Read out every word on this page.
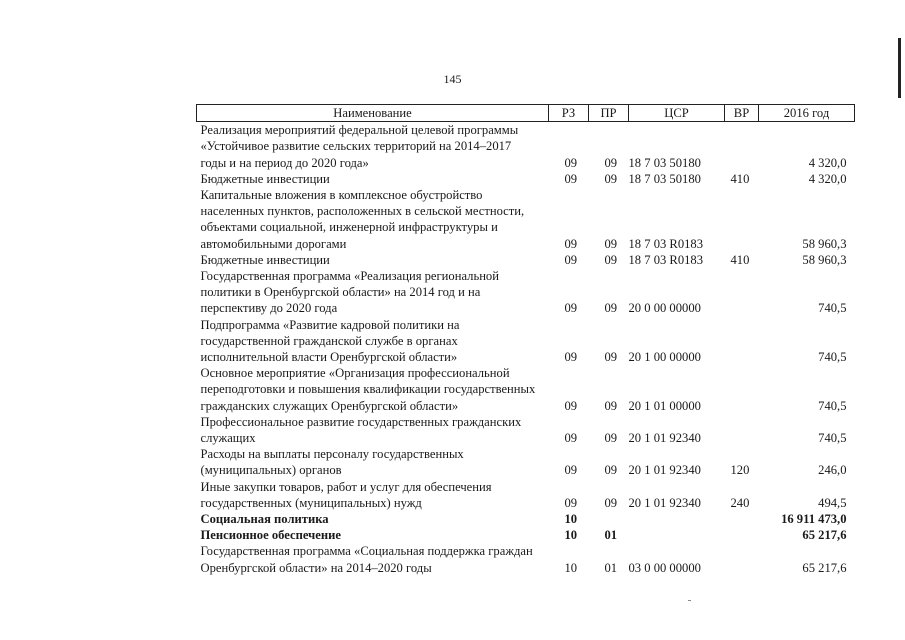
145
Наименование	РЗ	ПР	ЦСР	ВР	2016 год

Реализация мероприятий федеральной целевой программы
«Устойчивое развитие сельских территорий на 2014–2017
годы и на период до 2020 года»	09	09	18 7 03 50180		4 320,0

Бюджетные инвестиции	09	09	18 7 03 50180	410	4 320,0

Капитальные вложения в комплексное обустройство
населенных пунктов, расположенных в сельской местности,
объектами социальной, инженерной инфраструктуры и
автомобильными дорогами	09	09	18 7 03 R0183		58 960,3

Бюджетные инвестиции	09	09	18 7 03 R0183	410	58 960,3

Государственная программа «Реализация региональной
политики в Оренбургской области» на 2014 год и на
перспективу до 2020 года	09	09	20 0 00 00000		740,5

Подпрограмма «Развитие кадровой политики на
государственной гражданской службе в органах
исполнительной власти Оренбургской области»	09	09	20 1 00 00000		740,5

Основное мероприятие «Организация профессиональной
переподготовки и повышения квалификации государственных
гражданских служащих Оренбургской области»	09	09	20 1 01 00000		740,5

Профессиональное развитие государственных гражданских
служащих	09	09	20 1 01 92340		740,5

Расходы на выплаты персоналу государственных
(муниципальных) органов	09	09	20 1 01 92340	120	246,0

Иные закупки товаров, работ и услуг для обеспечения
государственных (муниципальных) нужд	09	09	20 1 01 92340	240	494,5

Социальная политика	10				16 911 473,0

Пенсионное обеспечение	10	01			65 217,6

Государственная программа «Социальная поддержка граждан
Оренбургской области» на 2014–2020 годы	10	01	03 0 00 00000		65 217,6
